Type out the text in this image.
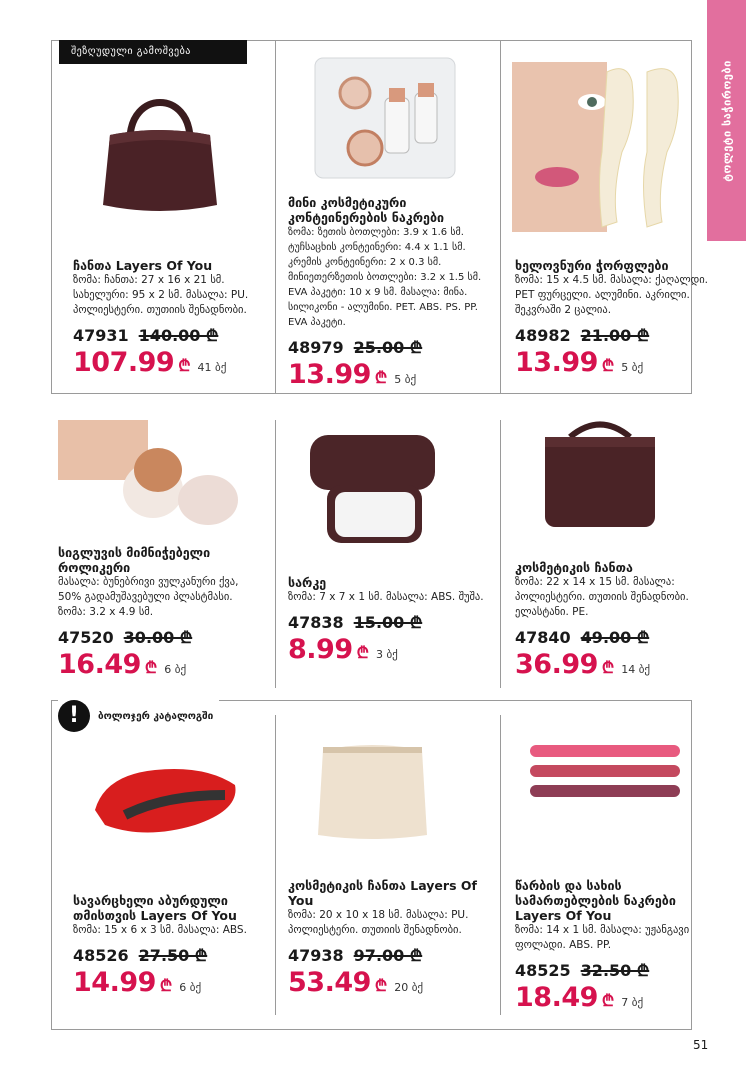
ტოლეტი საჭიროები
შეზღუდული გამოშვება
!	ბოლოჯერ კატალოგში
ჩანთა Layers Of You
ზომა: ჩანთა: 27 x 16 x 21 სმ. სახელური: 95 x 2 სმ. მასალა: PU. პოლიესტერი. თუთიის შენადნობი.
47931 140.00 ₾
107.99 ₾ 41 ბქ
მინი კოსმეტიკური კონტეინერების ნაკრები
ზომა: ზეთის ბოთლები: 3.9 x 1.6 სმ. ტუჩსაცხის კონტეინერი: 4.4 x 1.1 სმ. კრემის კონტეინერი: 2 x 0.3 სმ. მინიეთერზეთის ბოთლები: 3.2 x 1.5 სმ. EVA პაკეტი: 10 x 9 სმ. მასალა: მინა. სილიკონი - ალუმინი. PET. ABS. PS. PP. EVA პაკეტი.
48979 25.00 ₾
13.99 ₾ 5 ბქ
ხელოვნური ჭორფლები
ზომა: 15 x 4.5 სმ. მასალა: ქაღალდი. PET ფურცელი. ალუმინი. აკრილი. შეკვრაში 2 ცალია.
48982 21.00 ₾
13.99 ₾ 5 ბქ
სიგლუვის მიმნიჭებელი როლიკერი
მასალა: ბუნებრივი ვულკანური ქვა, 50% გადამუშავებული პლასტმასი. ზომა: 3.2 x 4.9 სმ.
47520 30.00 ₾
16.49 ₾ 6 ბქ
სარკე
ზომა: 7 x 7 x 1 სმ. მასალა: ABS. შუშა.
47838 15.00 ₾
8.99 ₾ 3 ბქ
კოსმეტიკის ჩანთა
ზომა: 22 x 14 x 15 სმ. მასალა: პოლიესტერი. თუთიის შენადნობი. ელასტანი. PE.
47840 49.00 ₾
36.99 ₾ 14 ბქ
სავარცხელი აბურდული თმისთვის Layers Of You
ზომა: 15 x 6 x 3 სმ. მასალა: ABS.
48526 27.50 ₾
14.99 ₾ 6 ბქ
კოსმეტიკის ჩანთა Layers Of You
ზომა: 20 x 10 x 18 სმ. მასალა: PU. პოლიესტერი. თუთიის შენადნობი.
47938 97.00 ₾
53.49 ₾ 20 ბქ
წარბის და სახის სამართებლების ნაკრები Layers Of You
ზომა: 14 x 1 სმ. მასალა: უჟანგავი ფოლადი. ABS. PP.
48525 32.50 ₾
18.49 ₾ 7 ბქ
51
